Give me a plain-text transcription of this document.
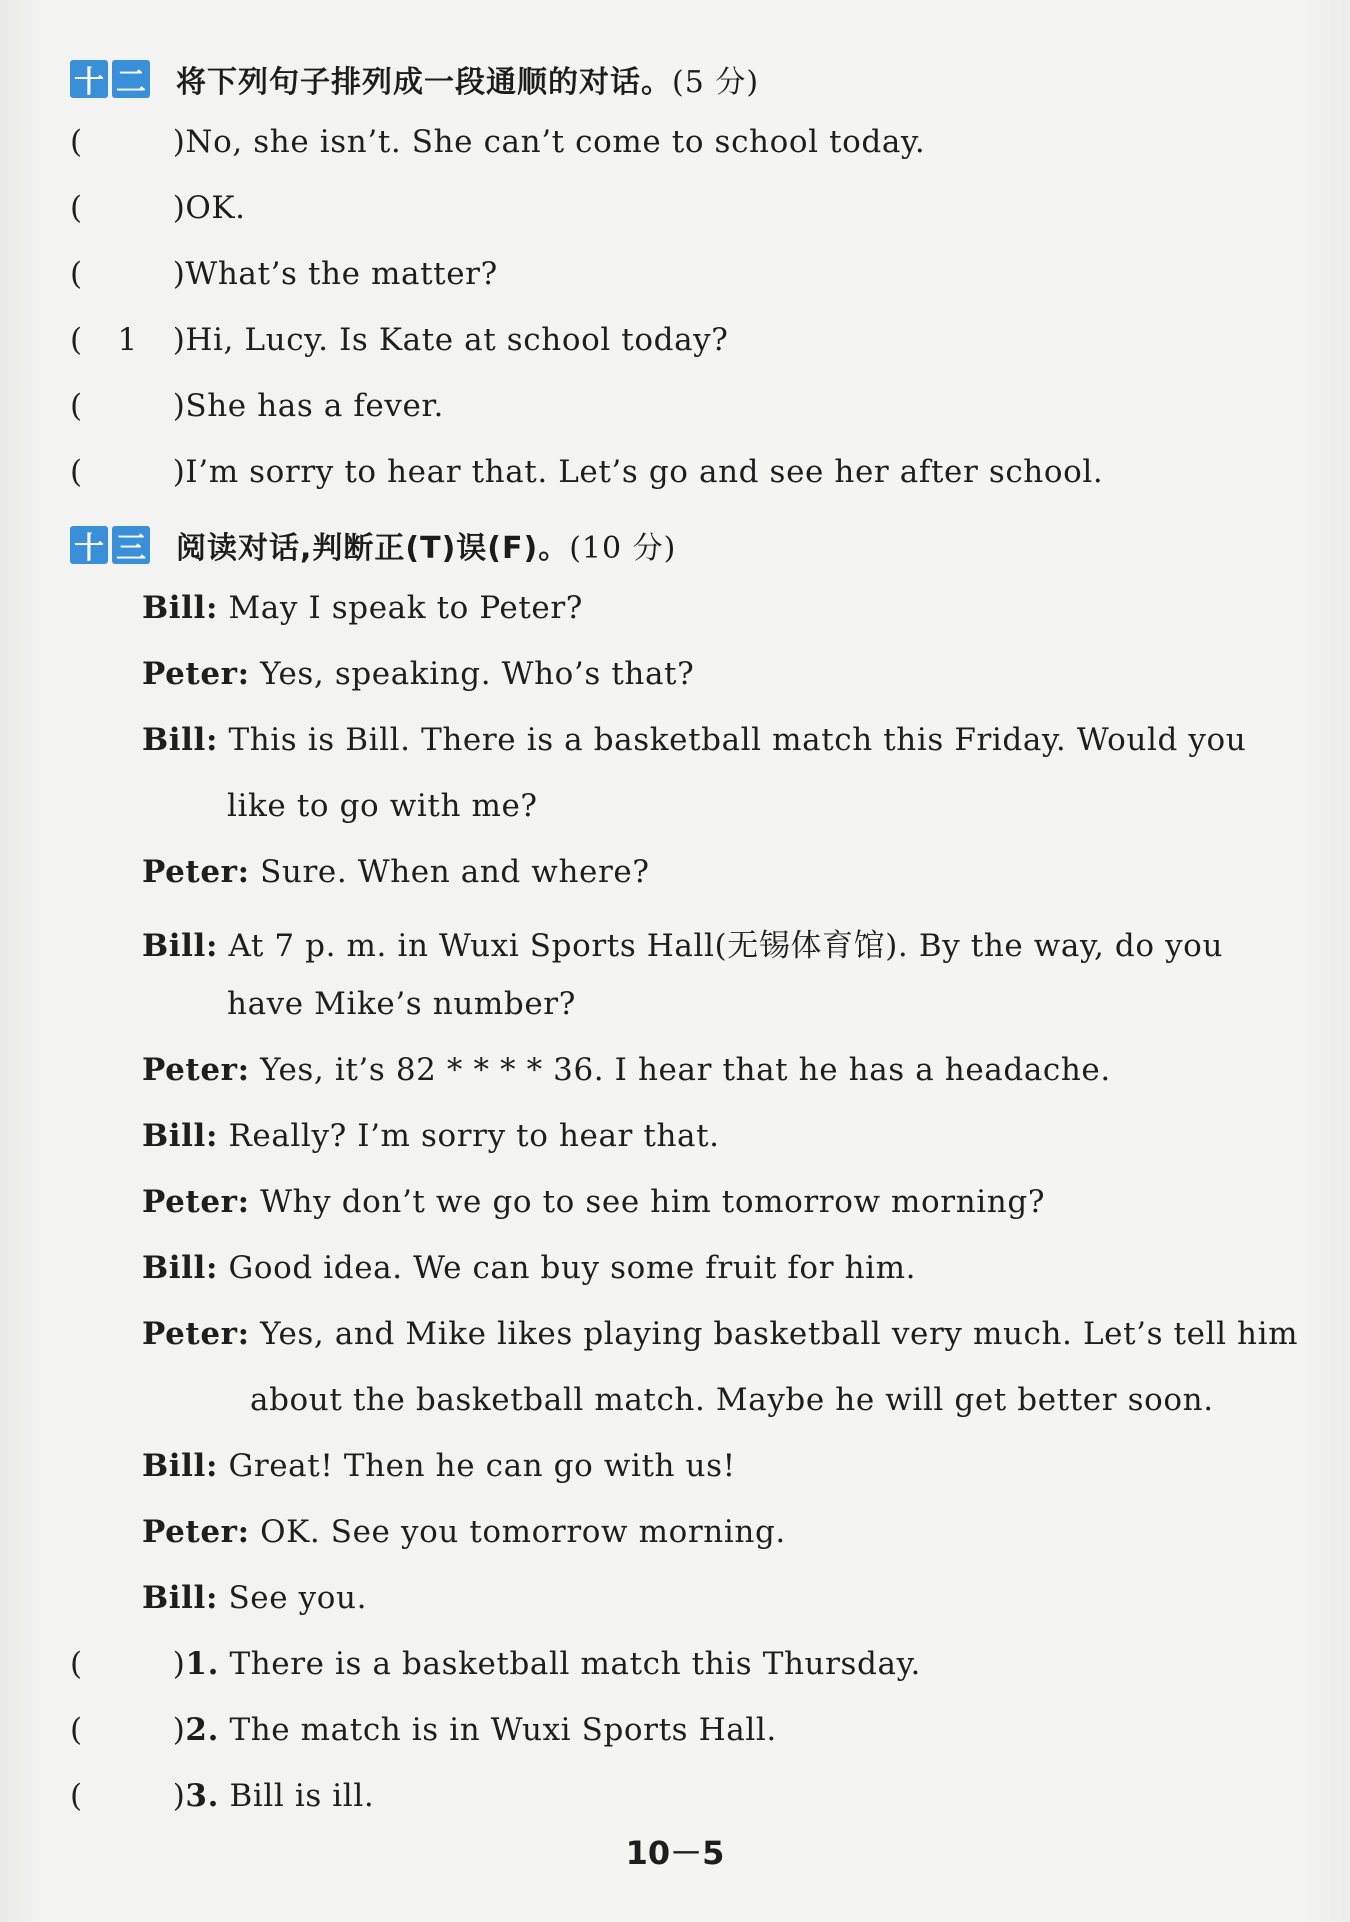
十 二 将下列句子排列成一段通顺的对话。(5 分)
(	)No, she isn’t. She can’t come to school today.
(	)OK.
(	)What’s the matter?
( 1 )Hi, Lucy. Is Kate at school today?
(	)She has a fever.
(	)I’m sorry to hear that. Let’s go and see her after school.
十 三 阅读对话,判断正(T)误(F)。(10 分)
Bill: May I speak to Peter?
Peter: Yes, speaking. Who’s that?
Bill: This is Bill. There is a basketball match this Friday. Would you
like to go with me?
Peter: Sure. When and where?
Bill: At 7 p. m. in Wuxi Sports Hall(无锡体育馆). By the way, do you
have Mike’s number?
Peter: Yes, it’s 82 * * * * 36. I hear that he has a headache.
Bill: Really? I’m sorry to hear that.
Peter: Why don’t we go to see him tomorrow morning?
Bill: Good idea. We can buy some fruit for him.
Peter: Yes, and Mike likes playing basketball very much. Let’s tell him
about the basketball match. Maybe he will get better soon.
Bill: Great! Then he can go with us!
Peter: OK. See you tomorrow morning.
Bill: See you.
(	)1. There is a basketball match this Thursday.
(	)2. The match is in Wuxi Sports Hall.
(	)3. Bill is ill.
10－5
